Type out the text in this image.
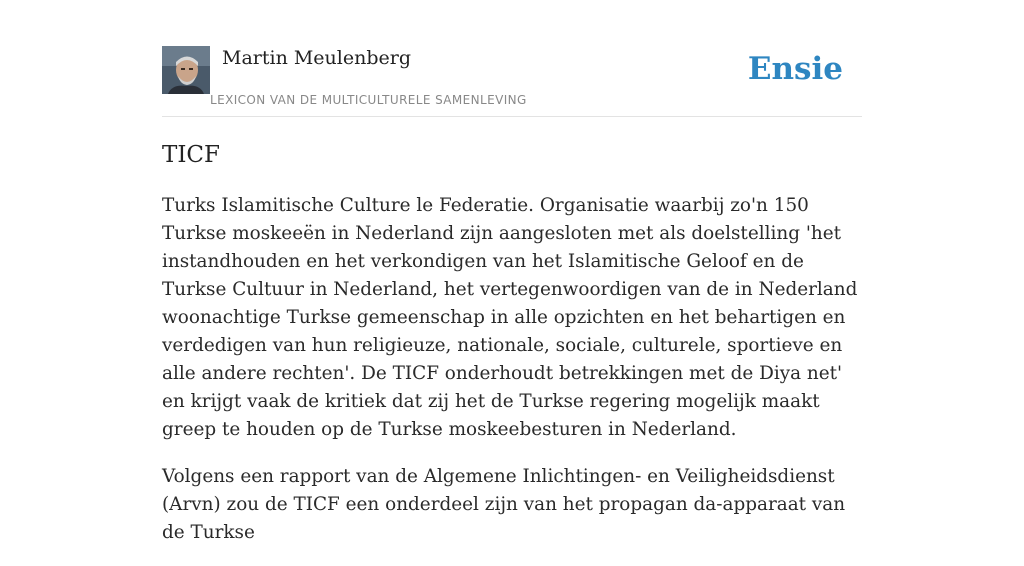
Martin Meulenberg
LEXICON VAN DE MULTICULTURELE SAMENLEVING
Ensie
TICF

Turks Islamitische Culture le Federatie. Organisatie waarbij zo'n 150 Turkse moskeeën in Nederland zijn aangesloten met als doelstelling 'het instandhouden en het verkondigen van het Islamitische Geloof en de Turkse Cultuur in Nederland, het vertegenwoordigen van de in Nederland woonachtige Turkse gemeenschap in alle opzichten en het behartigen en verdedigen van hun religieuze, nationale, sociale, culturele, sportieve en alle andere rechten'. De TICF onderhoudt betrekkingen met de Diya net' en krijgt vaak de kritiek dat zij het de Turkse regering mogelijk maakt greep te houden op de Turkse moskeebesturen in Nederland.

Volgens een rapport van de Algemene Inlichtingen- en Veiligheidsdienst (Arvn) zou de TICF een onderdeel zijn van het propagan da-apparaat van de Turkse
